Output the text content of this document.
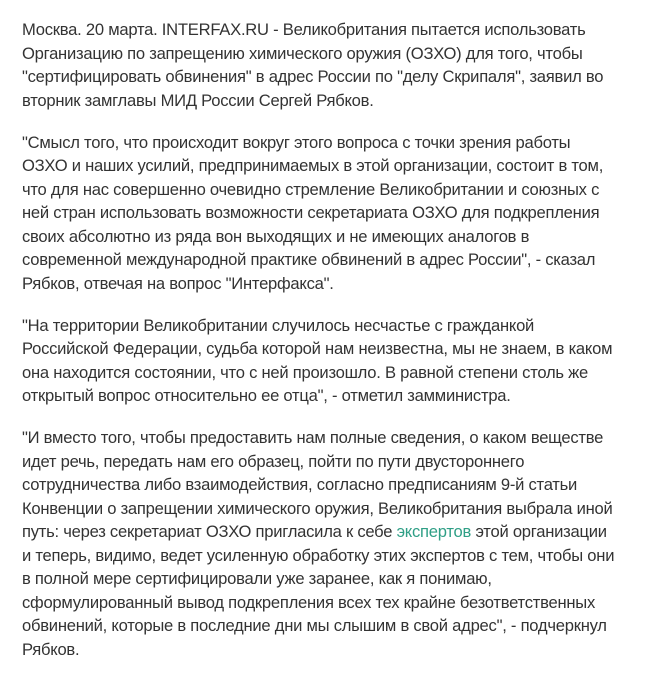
Москва. 20 марта. INTERFAX.RU - Великобритания пытается использовать
Организацию по запрещению химического оружия (ОЗХО) для того, чтобы
"сертифицировать обвинения" в адрес России по "делу Скрипаля", заявил во
вторник замглавы МИД России Сергей Рябков.

"Смысл того, что происходит вокруг этого вопроса с точки зрения работы
ОЗХО и наших усилий, предпринимаемых в этой организации, состоит в том,
что для нас совершенно очевидно стремление Великобритании и союзных с
ней стран использовать возможности секретариата ОЗХО для подкрепления
своих абсолютно из ряда вон выходящих и не имеющих аналогов в
современной международной практике обвинений в адрес России", - сказал
Рябков, отвечая на вопрос "Интерфакса".

"На территории Великобритании случилось несчастье с гражданкой
Российской Федерации, судьба которой нам неизвестна, мы не знаем, в каком
она находится состоянии, что с ней произошло. В равной степени столь же
открытый вопрос относительно ее отца", - отметил замминистра.

"И вместо того, чтобы предоставить нам полные сведения, о каком веществе
идет речь, передать нам его образец, пойти по пути двустороннего
сотрудничества либо взаимодействия, согласно предписаниям 9-й статьи
Конвенции о запрещении химического оружия, Великобритания выбрала иной
путь: через секретариат ОЗХО пригласила к себе экспертов этой организации
и теперь, видимо, ведет усиленную обработку этих экспертов с тем, чтобы они
в полной мере сертифицировали уже заранее, как я понимаю,
сформулированный вывод подкрепления всех тех крайне безответственных
обвинений, которые в последние дни мы слышим в свой адрес", - подчеркнул
Рябков.
